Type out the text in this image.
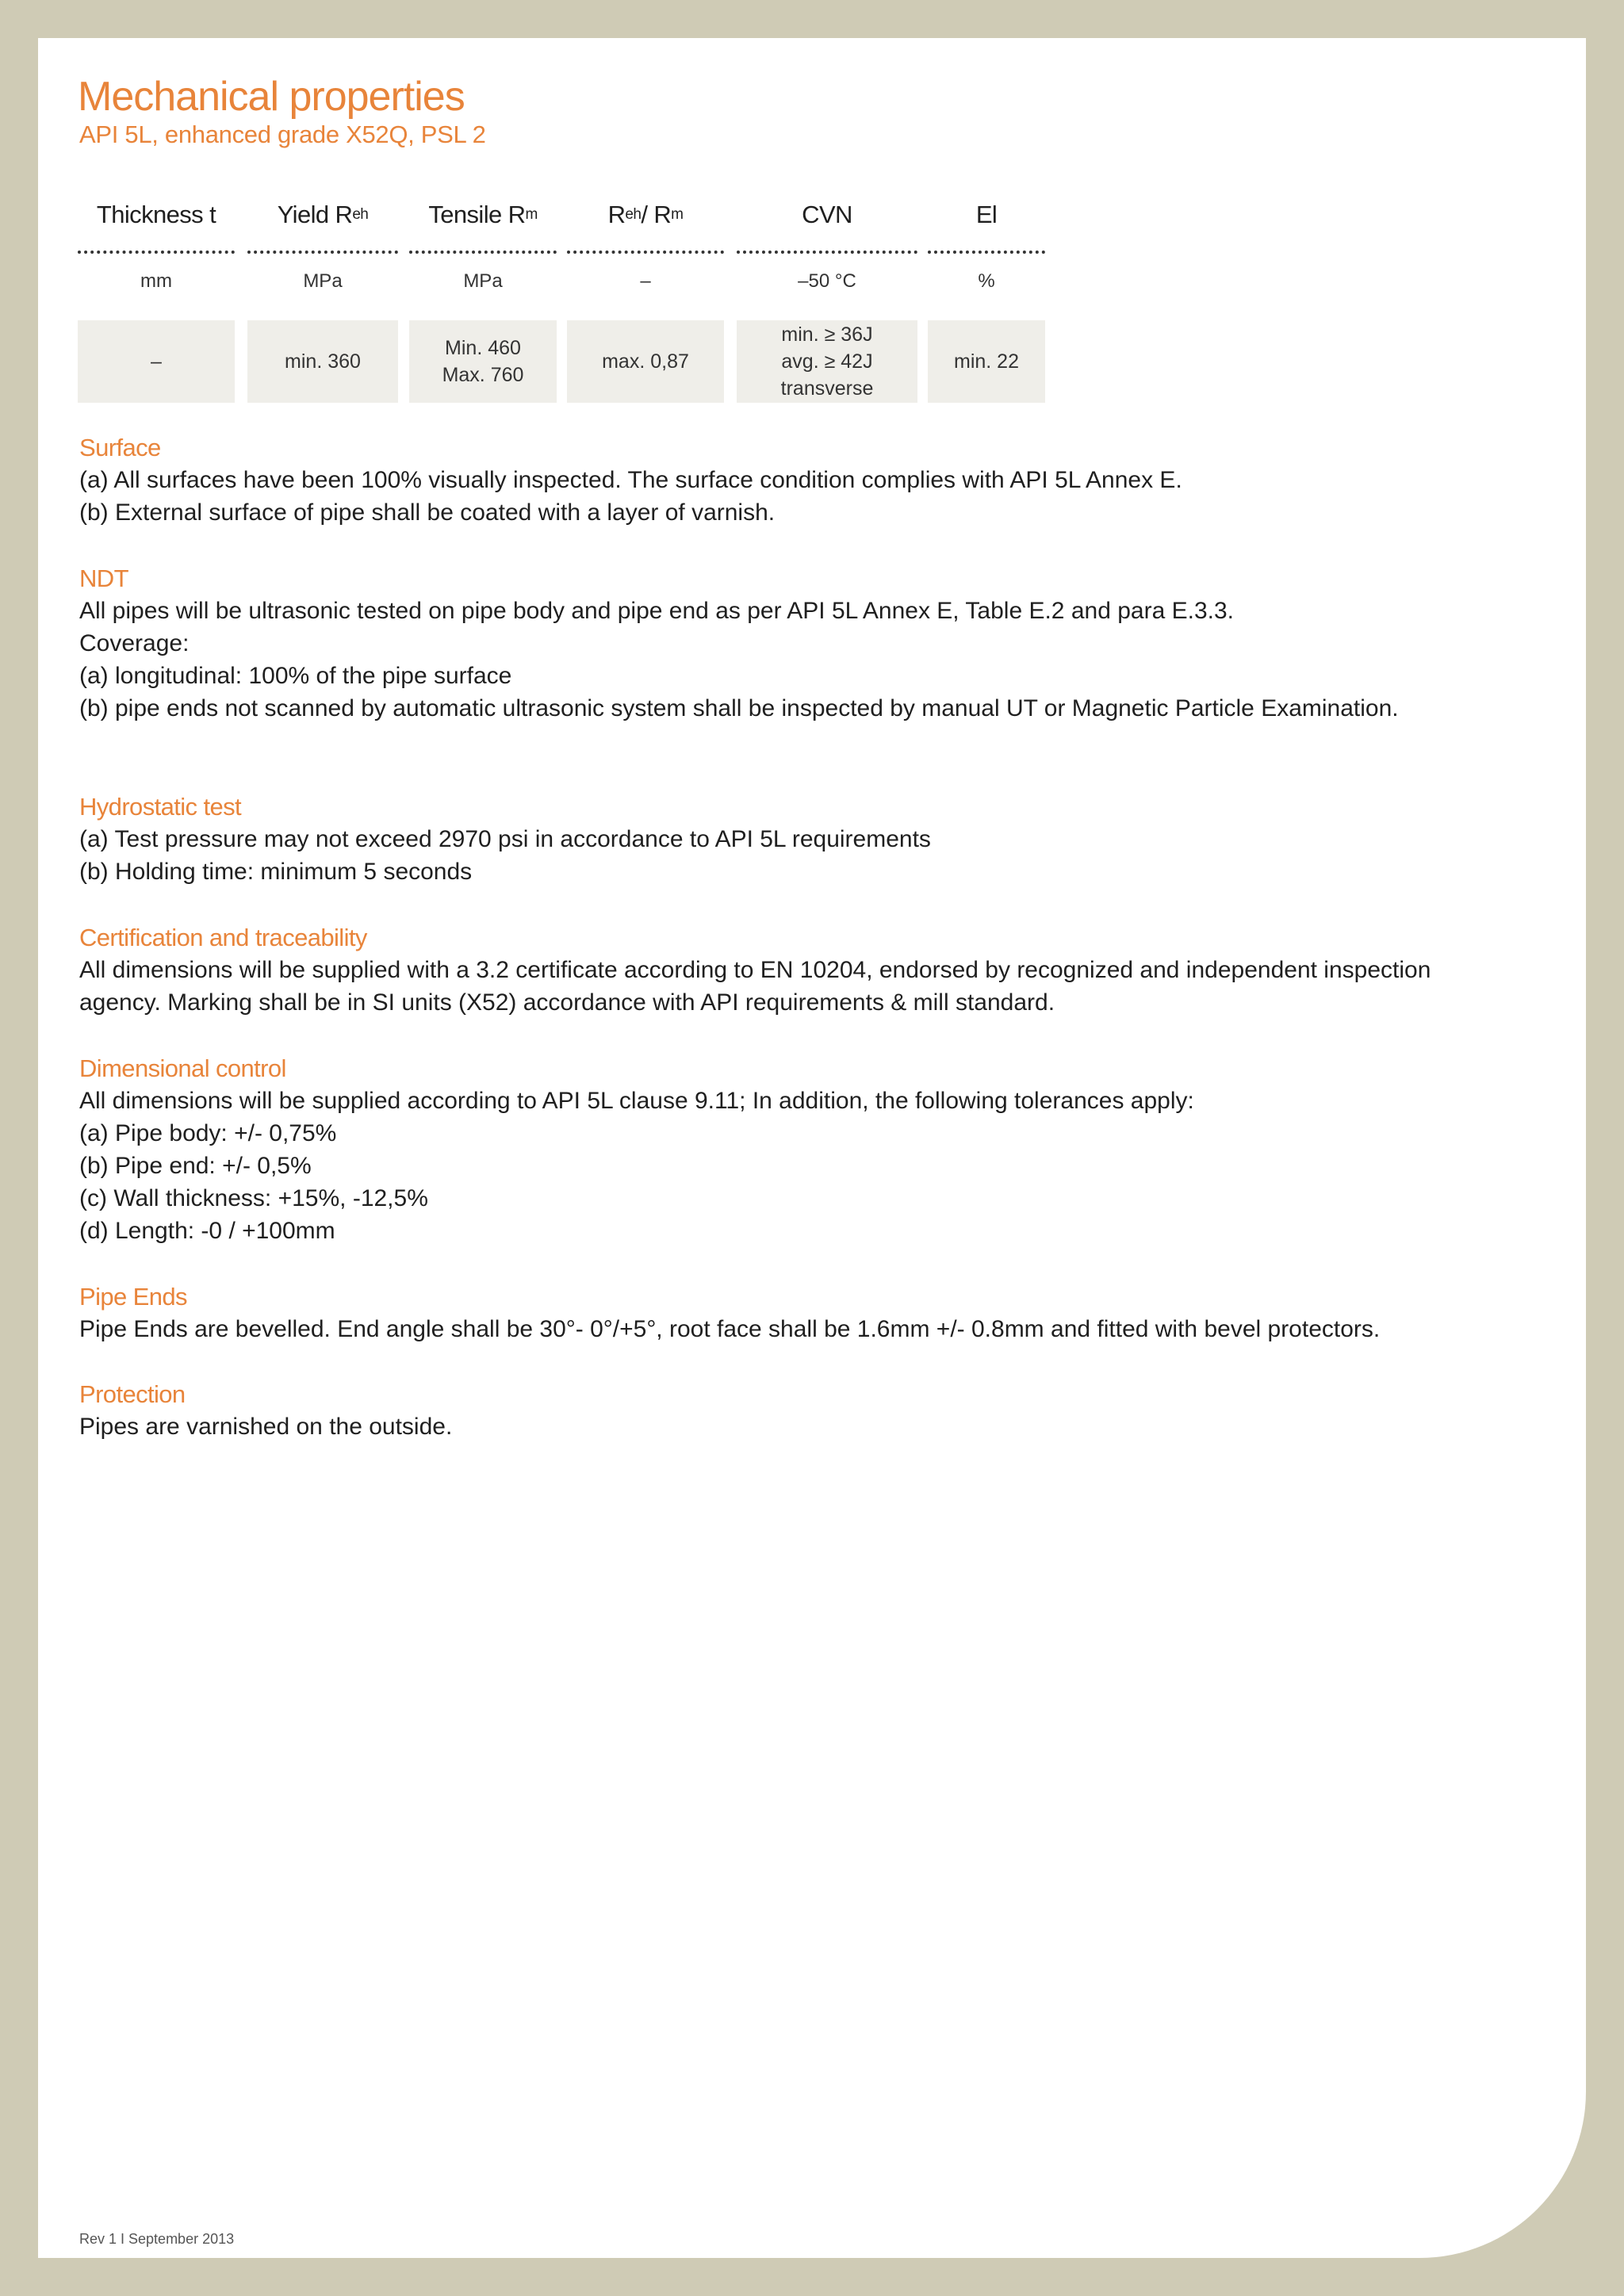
Mechanical properties
API 5L, enhanced grade X52Q, PSL 2
Thickness t
mm
–
Yield R eh
MPa
min. 360
Tensile R m
MPa
Min. 460
Max. 760
R eh / R m
–
max. 0,87
CVN
–50 °C
min. ≥ 36J
avg. ≥ 42J
transverse
El
%
min. 22
Surface
(a) All surfaces have been 100% visually inspected. The surface condition complies with API 5L Annex E.
(b) External surface of pipe shall be coated with a layer of varnish.
NDT
All pipes will be ultrasonic tested on pipe body and pipe end as per API 5L Annex E, Table E.2 and para E.3.3.
Coverage:
(a) longitudinal: 100% of the pipe surface
(b) pipe ends not scanned by automatic ultrasonic system shall be inspected by manual UT or Magnetic Particle Examination.
Hydrostatic test
(a) Test pressure may not exceed 2970 psi in accordance to API 5L requirements
(b) Holding time: minimum 5 seconds
Certification and traceability
All dimensions will be supplied with a 3.2 certificate according to EN 10204, endorsed by recognized and independent inspection
agency. Marking shall be in SI units (X52) accordance with API requirements & mill standard.
Dimensional control
All dimensions will be supplied according to API 5L clause 9.11; In addition, the following tolerances apply:
(a) Pipe body: +/- 0,75%
(b) Pipe end: +/- 0,5%
(c) Wall thickness: +15%, -12,5%
(d) Length: -0 / +100mm
Pipe Ends
Pipe Ends are bevelled. End angle shall be 30°- 0°/+5°, root face shall be 1.6mm +/- 0.8mm and fitted with bevel protectors.
Protection
Pipes are varnished on the outside.
Rev 1 I September 2013
